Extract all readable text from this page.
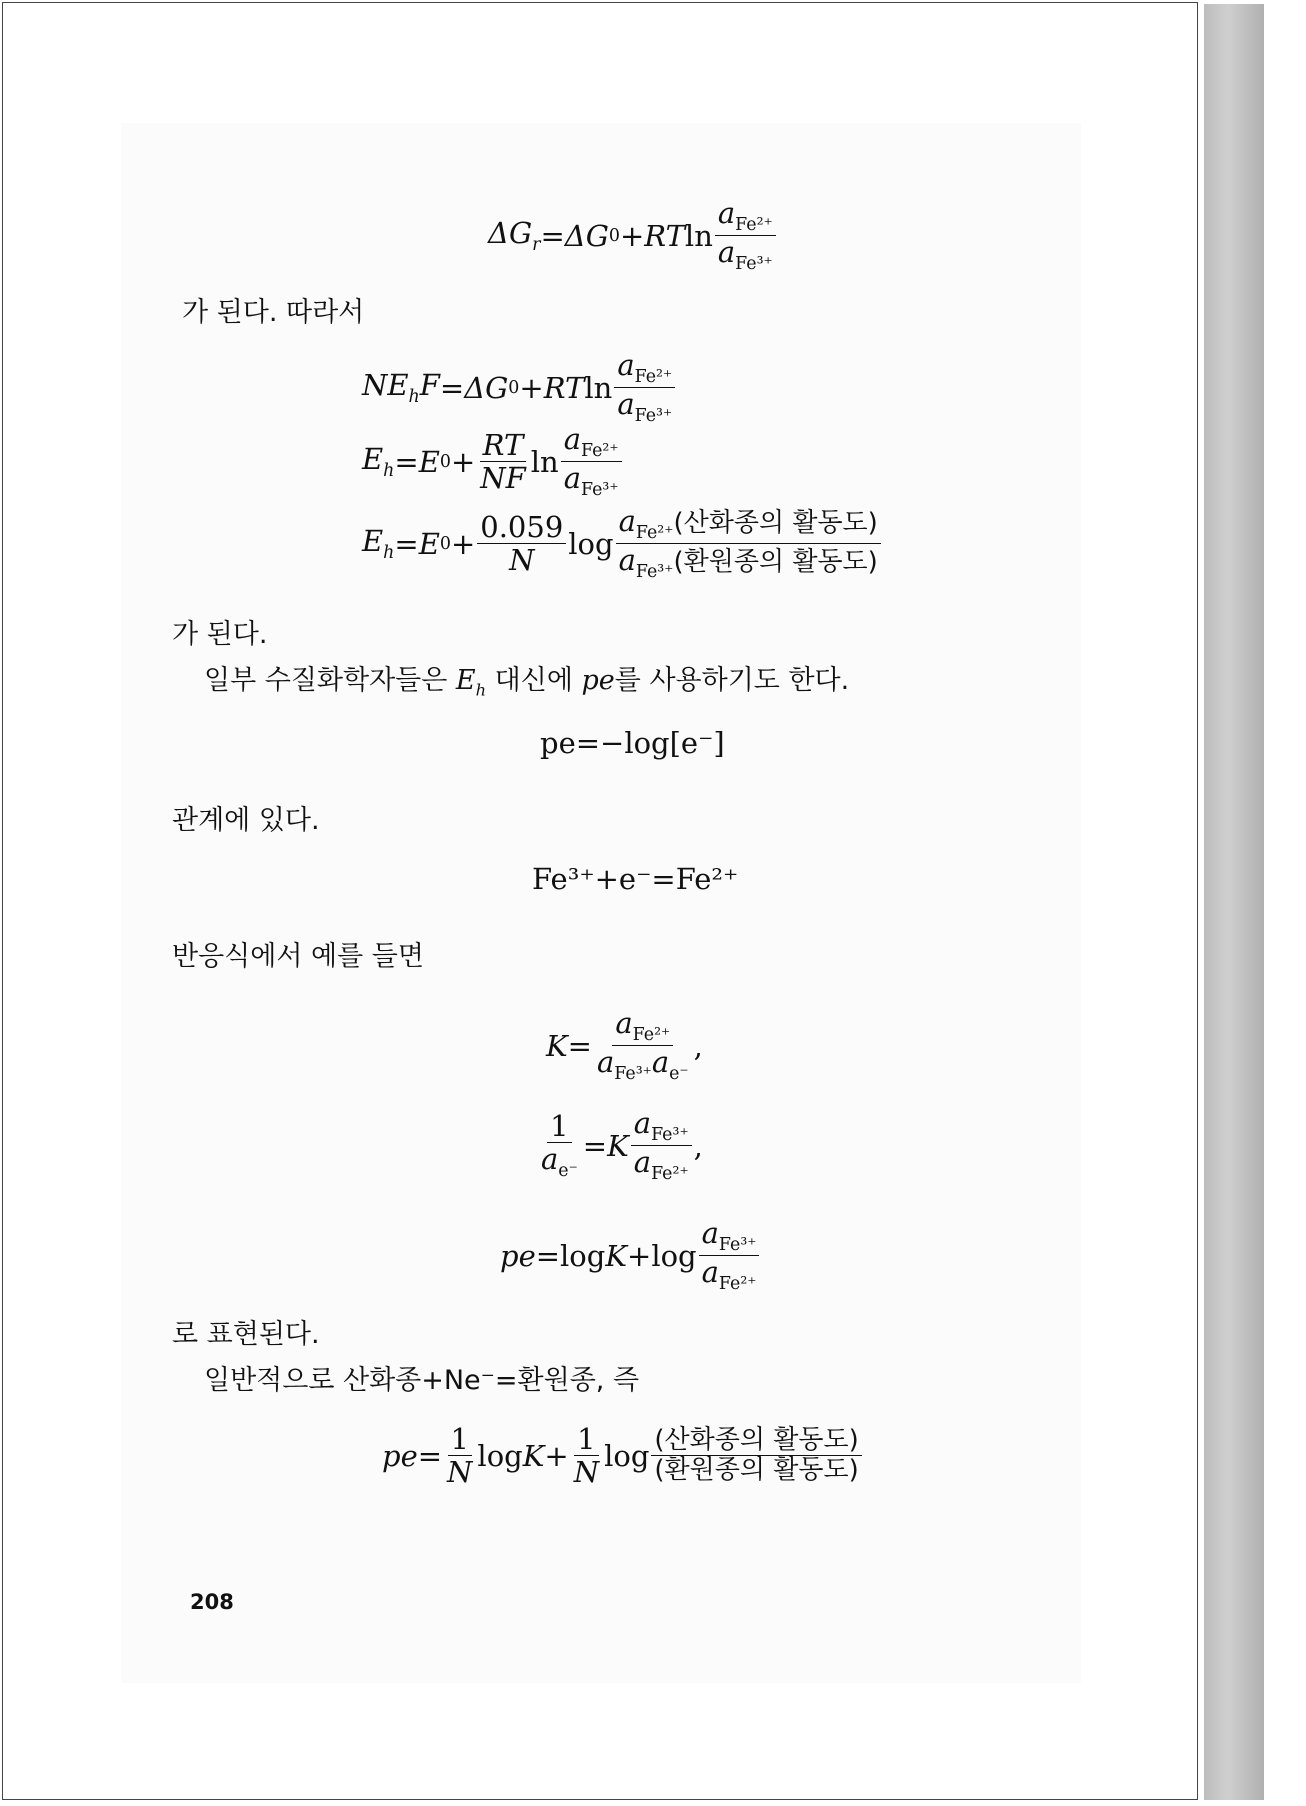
$\Delta G_r = \Delta G$ 0 + RT $\ln \frac{a_{Fe^{2+}}}{a_{Fe^{3+}}}$
가 된다. 따라서
$NE_hF = \Delta G$ 0 + RT $\ln \frac{a_{Fe^{2+}}}{a_{Fe^{3+}}}$
$E_h = E$ $0 + \frac{RT}{NF}$ $\ln \frac{a_{Fe^{2+}}}{a_{Fe^{3+}}}$
$E_h = E$ $0 + \frac{0.059}{N}$ $\log \frac{a_{Fe^{2+}}(산화종의 활동도)}{a_{Fe^{3+}}(환원종의 활동도)}$
가 된다.
일부 수질화학자들은 $E_h$ 대신에 pe를 사용하기도 한다.
pe=−log[e⁻]
관계에 있다.
Fe³⁺+e⁻=Fe²⁺
반응식에서 예를 들면
$K = \frac{a_{Fe^{2+}}}{a_{Fe^{3+}}a_{e^-}}$ ,
$\frac{1}{a_{e^-}} = K \frac{a_{Fe^{3+}}}{a_{Fe^{2+}}}$ ,
pe =log $K +\log \frac{a_{Fe^{3+}}}{a_{Fe^{2+}}}$
로 표현된다.
일반적으로 산화종+Ne⁻=환원종, 즉
pe = $\frac{1}{N}$ $\log K + \frac{1}{N}$ $\log \frac{\text{(산화종의 활동도)}}{\text{(환원종의 활동도)}}$
208
